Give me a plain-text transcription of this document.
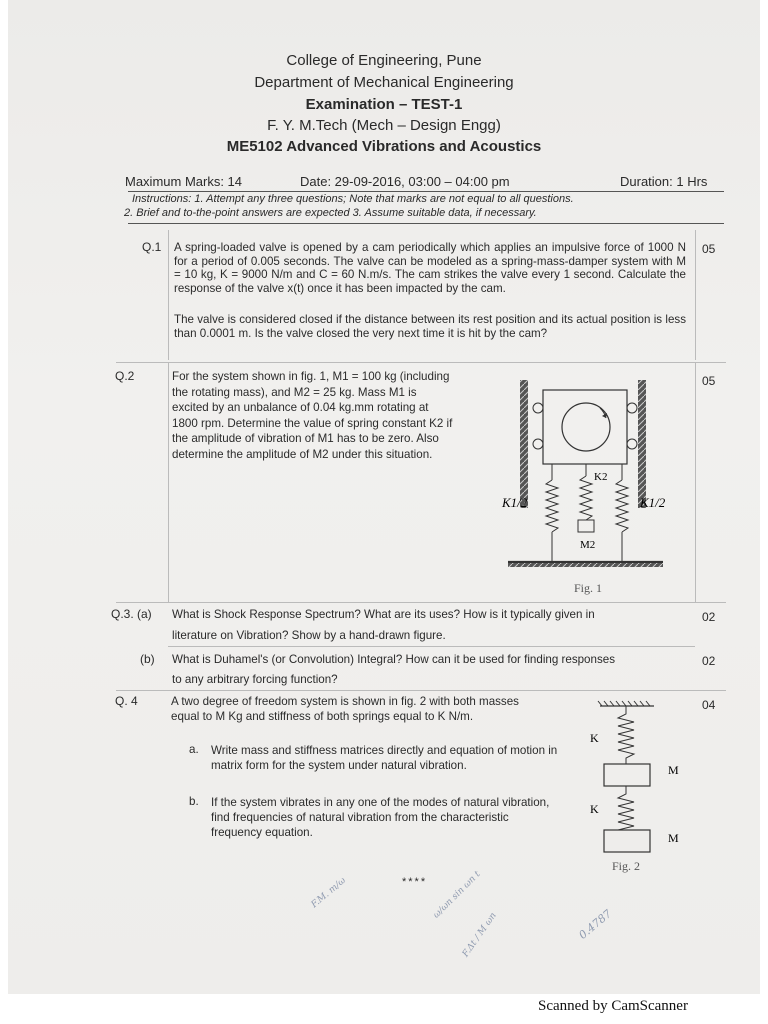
College of Engineering, Pune
Department of Mechanical Engineering
Examination – TEST-1
F. Y. M.Tech (Mech – Design Engg)
ME5102 Advanced Vibrations and Acoustics
Maximum Marks: 14	Date: 29-09-2016, 03:00 – 04:00 pm	Duration: 1 Hrs
Instructions: 1. Attempt any three questions; Note that marks are not equal to all questions.
2. Brief and to-the-point answers are expected 3. Assume suitable data, if necessary.
Q.1 A spring-loaded valve is opened by a cam periodically which applies an impulsive force of 1000 N for a period of 0.005 seconds. The valve can be modeled as a spring-mass-damper system with M = 10 kg, K = 9000 N/m and C = 60 N.m/s. The cam strikes the valve every 1 second. Calculate the response of the valve x(t) once it has been impacted by the cam.
The valve is considered closed if the distance between its rest position and its actual position is less than 0.0001 m. Is the valve closed the very next time it is hit by the cam?
05
Q.2	For the system shown in fig. 1, M1 = 100 kg (including the rotating mass), and M2 = 25 kg. Mass M1 is excited by an unbalance of 0.04 kg.mm rotating at 1800 rpm. Determine the value of spring constant K2 if the amplitude of vibration of M1 has to be zero. Also determine the amplitude of M2 under this situation.
05
K2
K1/2	K1/2
M2
Fig. 1
Q.3. (a) What is Shock Response Spectrum? What are its uses? How is it typically given in
literature on Vibration? Show by a hand-drawn figure.
02
(b) What is Duhamel's (or Convolution) Integral? How can it be used for finding responses
to any arbitrary forcing function?
02
Q. 4	A two degree of freedom system is shown in fig. 2 with both masses equal to M Kg and stiffness of both springs equal to K N/m.
04
a. Write mass and stiffness matrices directly and equation of motion in matrix form for the system under natural vibration.
b. If the system vibrates in any one of the modes of natural vibration, find frequencies of natural vibration from the characteristic frequency equation.
K
M
K
M
Fig. 2
****
F.M. m/ω	ω/ωn sin ωn t
F.Δt / M ωn	0.4787
Scanned by CamScanner
